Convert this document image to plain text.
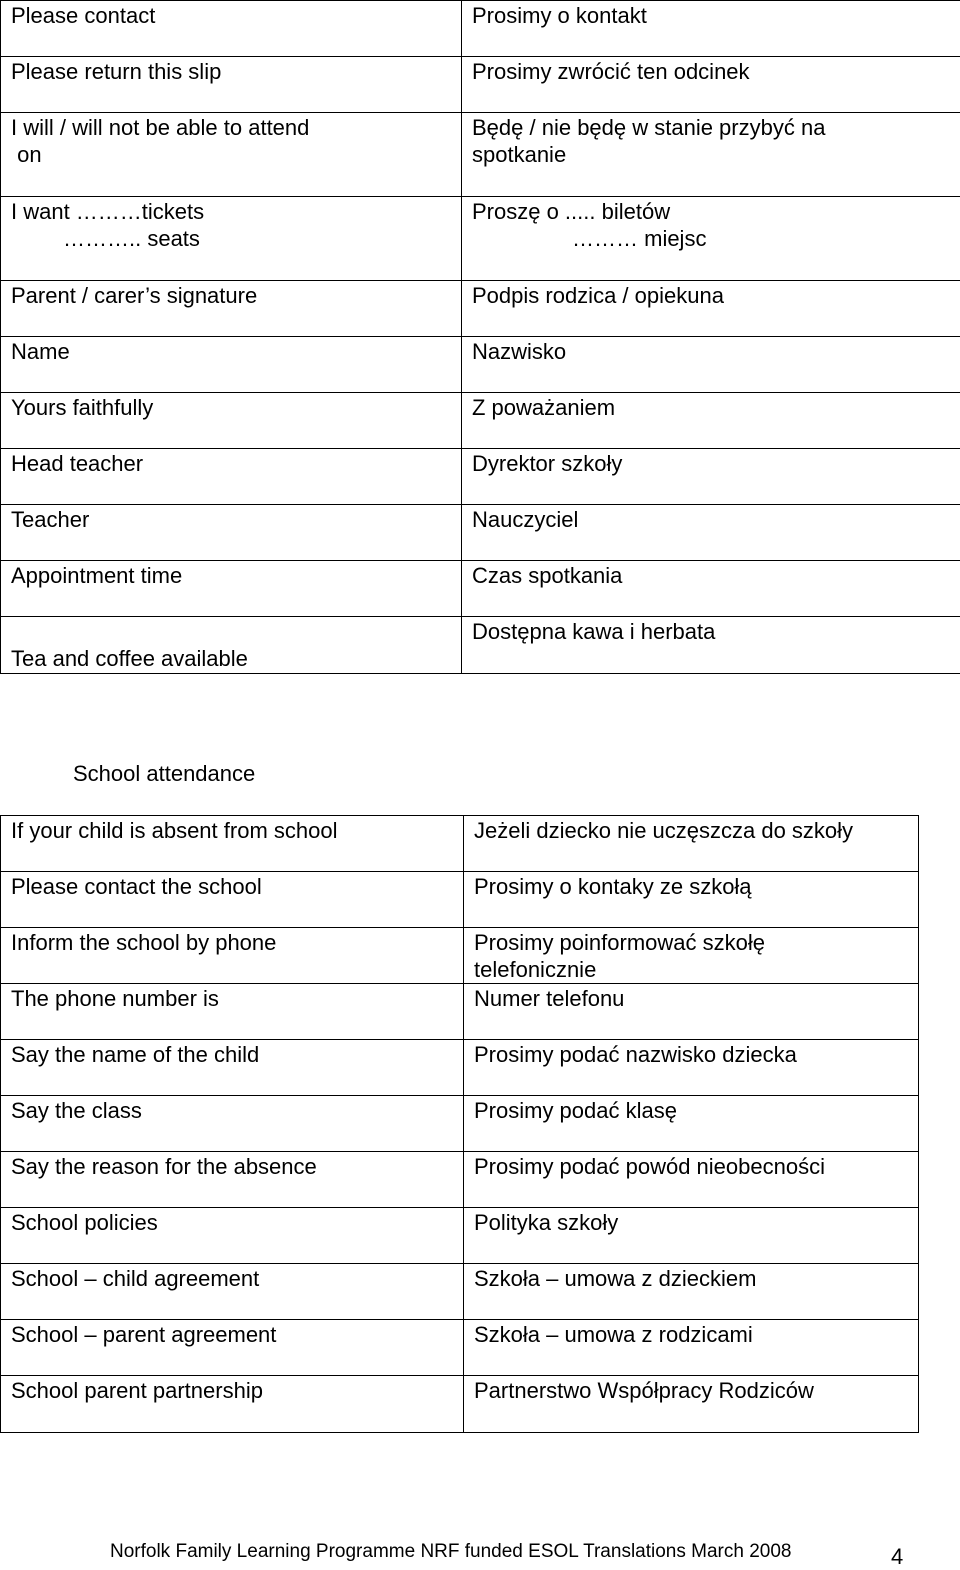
Please contact	Prosimy o kontakt

Please return this slip	Prosimy zwrócić ten odcinek

I will / will not be able to attend
on	Będę / nie będę w stanie przybyć na
spotkanie

I want ………tickets
……….. seats	Proszę o ..... biletów
……… miejsc

Parent / carer’s signature	Podpis rodzica / opiekuna

Name	Nazwisko

Yours faithfully	Z poważaniem

Head teacher	Dyrektor szkoły

Teacher	Nauczyciel

Appointment time	Czas spotkania

Tea and coffee available	Dostępna kawa i herbata
School attendance
If your child is absent from school	Jeżeli dziecko nie uczęszcza do szkoły

Please contact the school	Prosimy o kontaky ze szkołą

Inform the school by phone	Prosimy poinformować szkołę
telefonicznie

The phone number is	Numer telefonu

Say the name of the child	Prosimy podać nazwisko dziecka

Say the class	Prosimy podać klasę

Say the reason for the absence	Prosimy podać powód nieobecności

School policies	Polityka szkoły

School – child agreement	Szkoła – umowa z dzieckiem

School – parent agreement	Szkoła – umowa z rodzicami

School parent partnership	Partnerstwo Współpracy Rodziców
Norfolk Family Learning Programme NRF funded ESOL Translations March 2008	4
